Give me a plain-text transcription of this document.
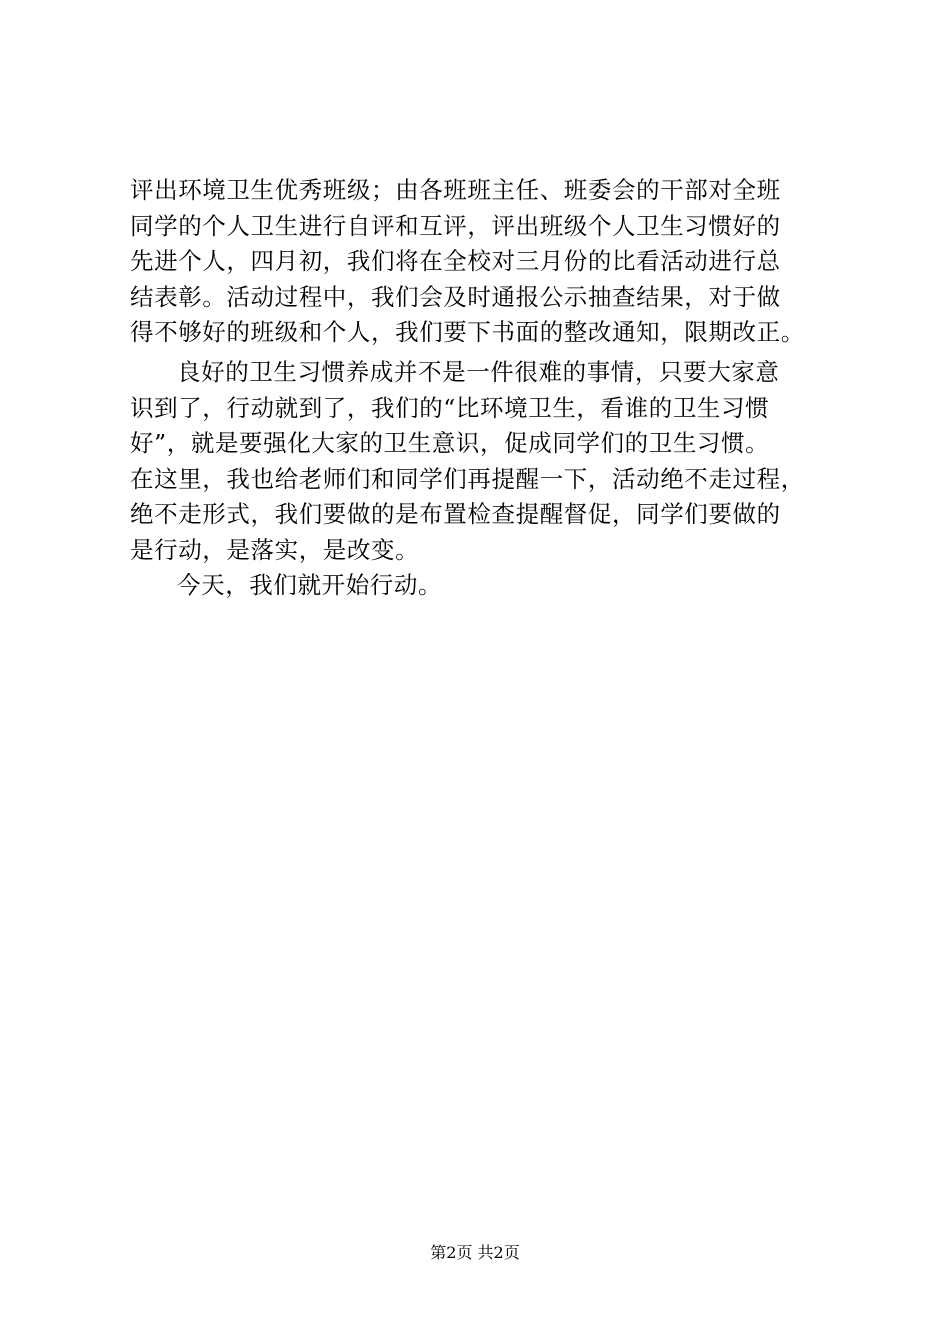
评出环境卫生优秀班级；由各班班主任、班委会的干部对全班
同学的个人卫生进行自评和互评，评出班级个人卫生习惯好的
先进个人，四月初，我们将在全校对三月份的比看活动进行总
结表彰。活动过程中，我们会及时通报公示抽查结果，对于做
得不够好的班级和个人，我们要下书面的整改通知，限期改正。
良好的卫生习惯养成并不是一件很难的事情，只要大家意
识到了，行动就到了，我们的“比环境卫生，看谁的卫生习惯
好”，就是要强化大家的卫生意识，促成同学们的卫生习惯。
在这里，我也给老师们和同学们再提醒一下，活动绝不走过程，
绝不走形式，我们要做的是布置检查提醒督促，同学们要做的
是行动，是落实，是改变。
今天，我们就开始行动。
第2页 共2页
